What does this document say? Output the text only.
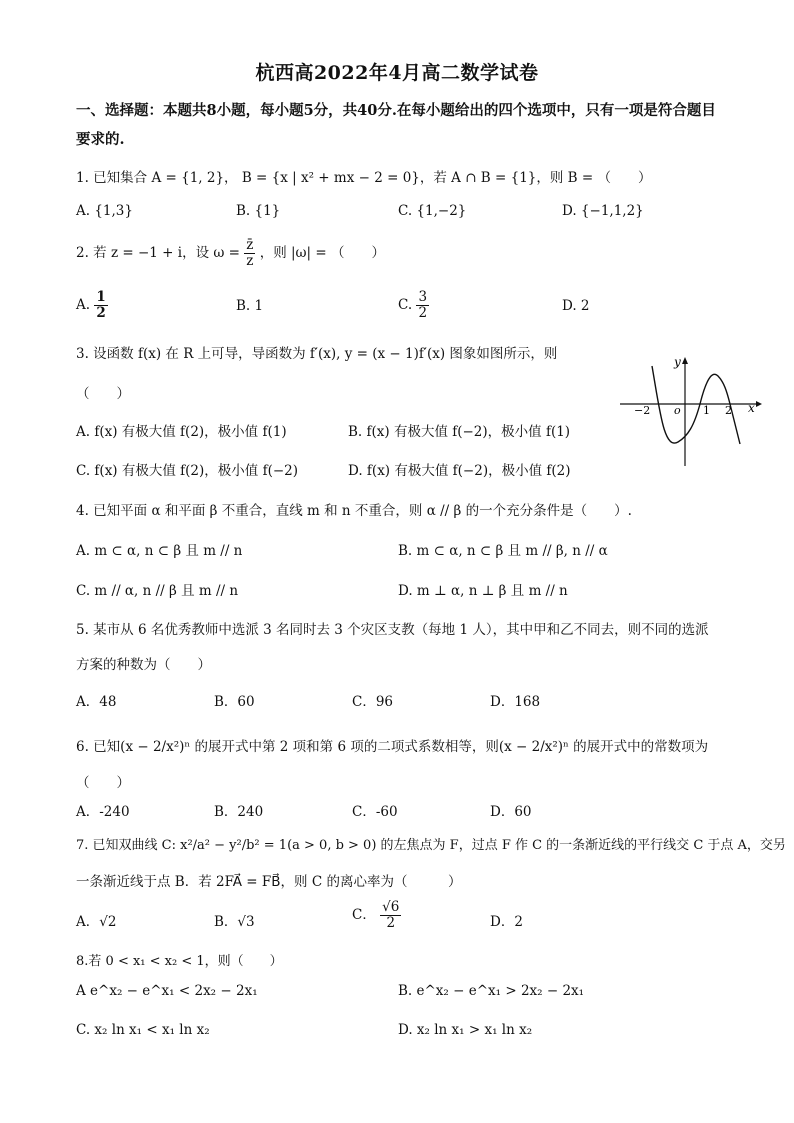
杭西高2022年4月高二数学试卷
一、选择题：本题共8小题，每小题5分，共40分.在每小题给出的四个选项中，只有一项是符合题目要求的.
1. 已知集合 A = {1, 2}， B = {x | x² + mx − 2 = 0}，若 A ∩ B = {1}，则 B = （　　）
A. {1,3}	B. {1}	C. {1,−2}	D. {−1,1,2}
2. 若 z = −1 + i，设 $\omega = \frac{z̄}{z}$ ，则 |ω| = （　　）
A. $\frac{1}{2}$	B. 1	C. $\frac{3}{2}$	D. 2
3. 设函数 f(x) 在 R 上可导，导函数为 f′(x), y = (x − 1)f′(x) 图象如图所示，则
（　　）
A. f(x) 有极大值 f(2)，极小值 f(1)	B. f(x) 有极大值 f(−2)，极小值 f(1)
C. f(x) 有极大值 f(2)，极小值 f(−2)	D. f(x) 有极大值 f(−2)，极小值 f(2)
y
x
o
−2	1 2
4. 已知平面 α 和平面 β 不重合，直线 m 和 n 不重合，则 α // β 的一个充分条件是（　　）.
A. m ⊂ α, n ⊂ β 且 m // n	B. m ⊂ α, n ⊂ β 且 m // β, n // α
C. m // α, n // β 且 m // n	D. m ⊥ α, n ⊥ β 且 m // n
5. 某市从 6 名优秀教师中选派 3 名同时去 3 个灾区支教（每地 1 人），其中甲和乙不同去，则不同的选派
方案的种数为（　　）
A．48	B．60	C．96	D．168
6. 已知(x − 2/x²)ⁿ 的展开式中第 2 项和第 6 项的二项式系数相等，则(x − 2/x²)ⁿ 的展开式中的常数项为
（　　）
A．-240	B．240	C．-60	D．60
7. 已知双曲线 C: x²/a² − y²/b² = 1(a > 0, b > 0) 的左焦点为 F，过点 F 作 C 的一条渐近线的平行线交 C 于点 A，交另
一条渐近线于点 B．若 2FA⃗ = FB⃗，则 C 的离心率为（　　　）
A．√2	B．√3	C． $\frac{√6}{2}$	D．2
8.若 0 < x₁ < x₂ < 1，则（　　）
A e^x₂ − e^x₁ < 2x₂ − 2x₁	B. e^x₂ − e^x₁ > 2x₂ − 2x₁
C. x₂ ln x₁ < x₁ ln x₂	D. x₂ ln x₁ > x₁ ln x₂
